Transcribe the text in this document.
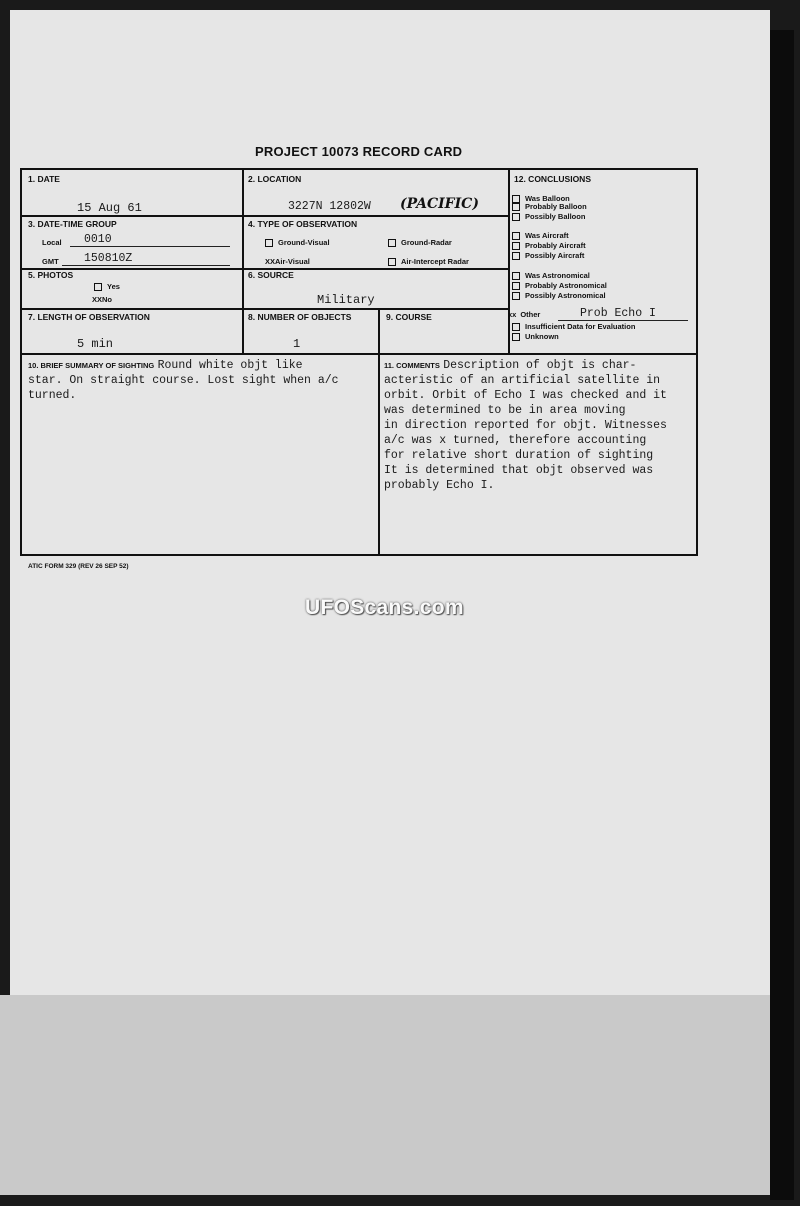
PROJECT 10073 RECORD CARD
1. DATE
15 Aug 61
2. LOCATION
3227N 12802W (PACIFIC)
3. DATE-TIME GROUP
Local 0010
GMT 150810Z
4. TYPE OF OBSERVATION
Ground-Visual	Ground-Radar
XXAir-Visual	Air-Intercept Radar
5. PHOTOS
Yes
XXNo
6. SOURCE
Military
7. LENGTH OF OBSERVATION
5 min
8. NUMBER OF OBJECTS
1
9. COURSE
12. CONCLUSIONS
Was Balloon
Probably Balloon
Possibly Balloon
Was Aircraft
Probably Aircraft
Possibly Aircraft
Was Astronomical
Probably Astronomical
Possibly Astronomical
xx Other	Prob Echo I
Insufficient Data for Evaluation
Unknown
10. BRIEF SUMMARY OF SIGHTING Round white objt like
star. On straight course. Lost sight when a/c
turned.
11. COMMENTS Description of objt is char-
acteristic of an artificial satellite in
orbit. Orbit of Echo I was checked and it
was determined to be in area moving
in direction reported for objt. Witnesses
a/c was x turned, therefore accounting
for relative short duration of sighting
It is determined that objt observed was
probably Echo I.
ATIC FORM 329 (REV 26 SEP 52)
UFOScans.com
